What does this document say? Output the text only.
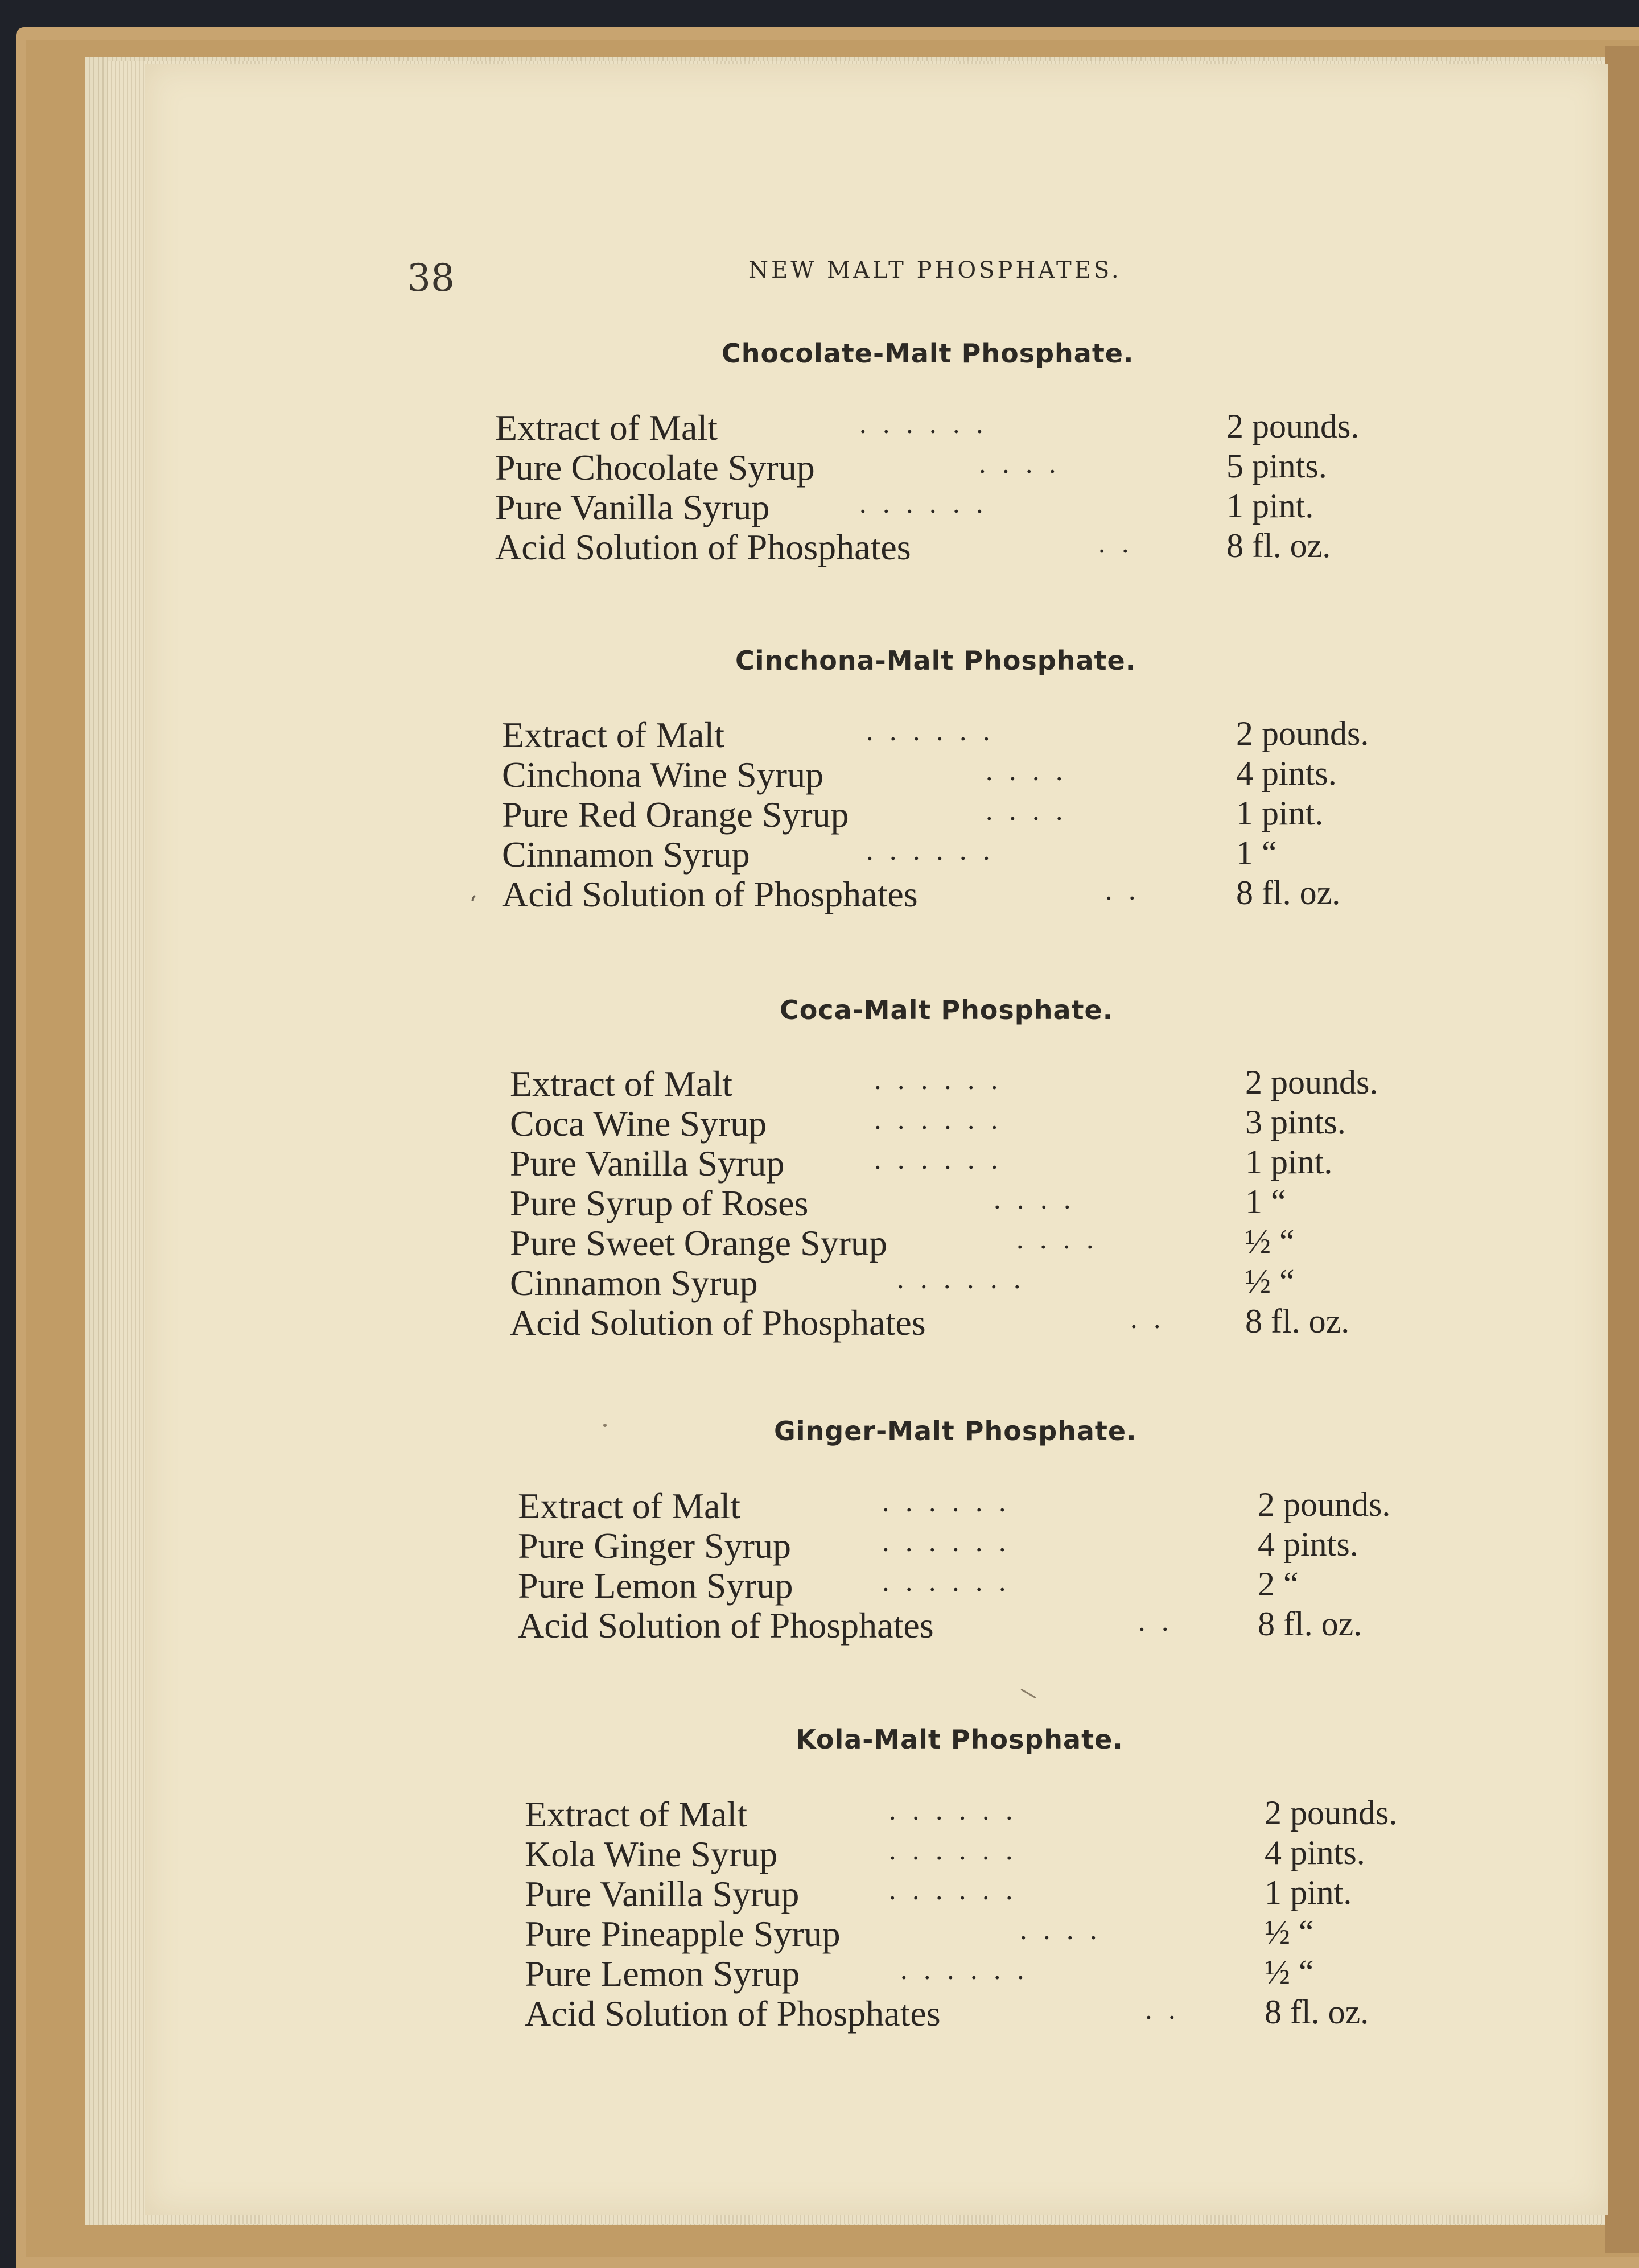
38	NEW MALT PHOSPHATES.
‘
Chocolate-Malt Phosphate.
Extract of Malt	. . . . . .	2 pounds.
Pure Chocolate Syrup	. . . .	5 pints.
Pure Vanilla Syrup	. . . . . .	1 pint.
Acid Solution of Phosphates	. .	8 fl. oz.
Cinchona-Malt Phosphate.
Extract of Malt	. . . . . .	2 pounds.
Cinchona Wine Syrup	. . . .	4 pints.
Pure Red Orange Syrup	. . . .	1 pint.
Cinnamon Syrup	. . . . . .	1 “
Acid Solution of Phosphates	. .	8 fl. oz.
Coca-Malt Phosphate.
Extract of Malt	. . . . . .	2 pounds.
Coca Wine Syrup	. . . . . .	3 pints.
Pure Vanilla Syrup	. . . . . .	1 pint.
Pure Syrup of Roses	. . . .	1 “
Pure Sweet Orange Syrup	. . . .	½ “
Cinnamon Syrup	. . . . . .	½ “
Acid Solution of Phosphates	. . 8 fl. oz.
Ginger-Malt Phosphate.
Extract of Malt	. . . . . .	2 pounds.
Pure Ginger Syrup	. . . . . .	4 pints.
Pure Lemon Syrup	. . . . . .	2 “
Acid Solution of Phosphates	. . 8 fl. oz.
Kola-Malt Phosphate.
Extract of Malt	. . . . . .	2 pounds.
Kola Wine Syrup	. . . . . .	4 pints.
Pure Vanilla Syrup	. . . . . .	1 pint.
Pure Pineapple Syrup	. . . .	½ “
Pure Lemon Syrup	. . . . . .	½ “
Acid Solution of Phosphates	. . 8 fl. oz.
